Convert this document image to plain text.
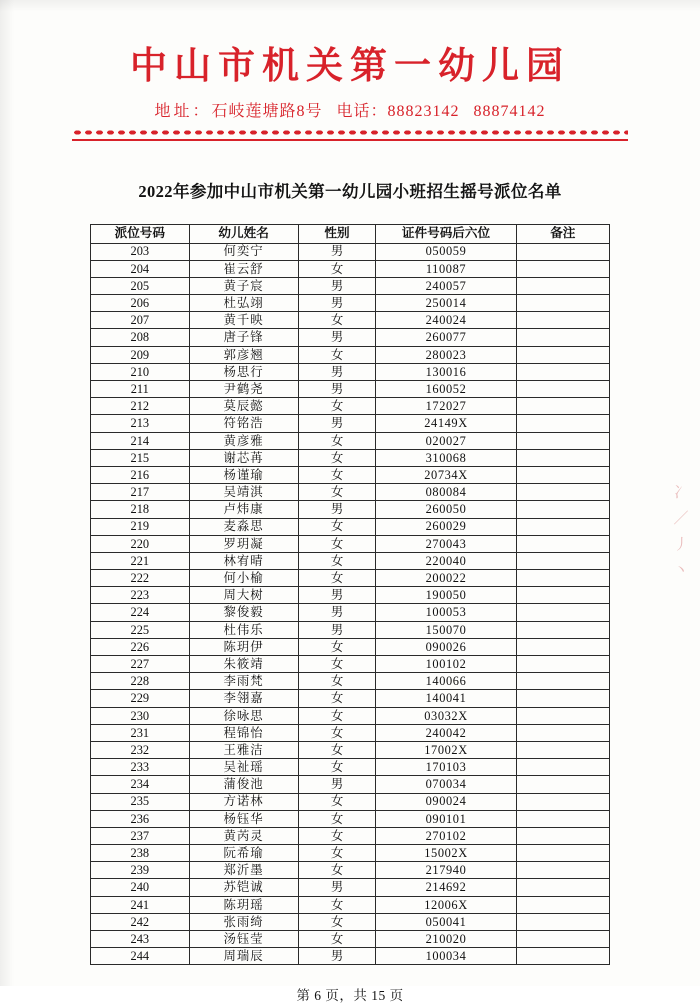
中山市机关第一幼儿园
地址：石岐莲塘路8号 电话：88823142 88874142
2022年参加中山市机关第一幼儿园小班招生摇号派位名单
派位号码	幼儿姓名	性别	证件号码后六位	备注
203	何奕宁	男	050059	
204	崔云舒	女	110087	
205	黄子宸	男	240057	
206	杜弘翊	男	250014	
207	黄千映	女	240024	
208	唐子锋	男	260077	
209	郭彦翘	女	280023	
210	杨思行	男	130016	
211	尹鹤尧	男	160052	
212	莫辰懿	女	172027	
213	符铭浩	男	24149X	
214	黄彦雅	女	020027	
215	谢芯苒	女	310068	
216	杨谨瑜	女	20734X	
217	吴靖淇	女	080084	
218	卢炜康	男	260050	
219	麦淼思	女	260029	
220	罗玥凝	女	270043	
221	林宥晴	女	220040	
222	何小榆	女	200022	
223	周大树	男	190050	
224	黎俊毅	男	100053	
225	杜伟乐	男	150070	
226	陈玥伊	女	090026	
227	朱筱靖	女	100102	
228	李雨梵	女	140066	
229	李翎嘉	女	140041	
230	徐咏思	女	03032X	
231	程锦怡	女	240042	
232	王雅洁	女	17002X	
233	吴祉瑶	女	170103	
234	蒲俊池	男	070034	
235	方诺林	女	090024	
236	杨钰华	女	090101	
237	黄芮灵	女	270102	
238	阮希瑜	女	15002X	
239	郑沂墨	女	217940	
240	苏铠诚	男	214692	
241	陈玥瑶	女	12006X	
242	张雨绮	女	050041	
243	汤钰莹	女	210020	
244	周瑞辰	男	100034	
第 6 页，共 15 页
冫
／
丿
丶
